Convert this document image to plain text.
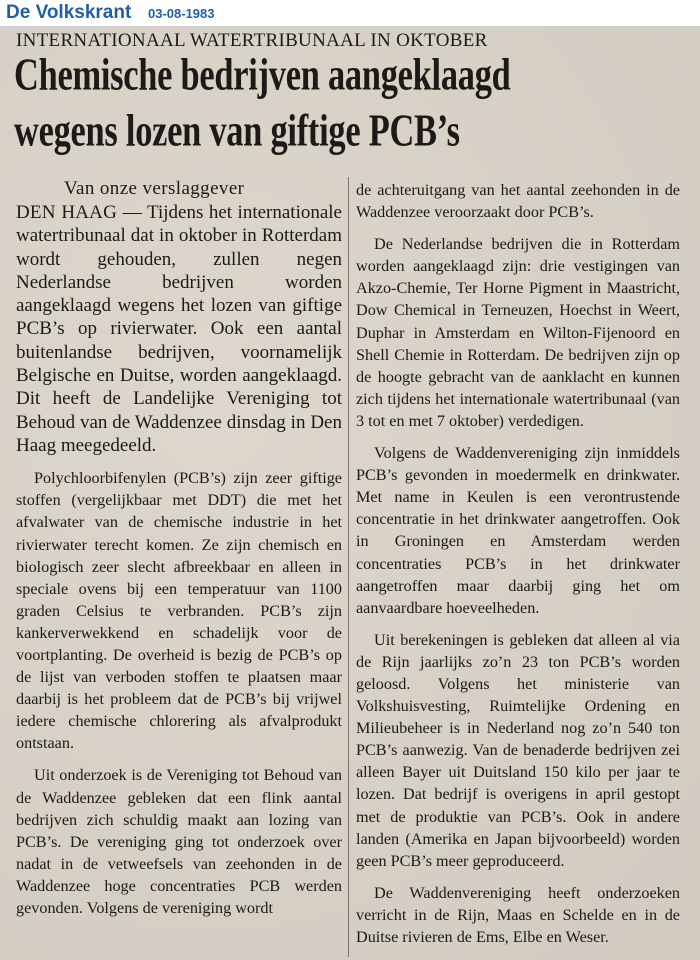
De Volkskrant 03-08-1983
INTERNATIONAAL WATERTRIBUNAAL IN OKTOBER
Chemische bedrijven aangeklaagd
wegens lozen van giftige PCB’s
Van onze verslaggever

DEN HAAG — Tijdens het internationale watertribunaal dat in oktober in Rotterdam wordt gehouden, zullen negen Nederlandse bedrijven worden aangeklaagd wegens het lozen van giftige PCB’s op rivierwater. Ook een aantal buitenlandse bedrijven, voornamelijk Belgische en Duitse, worden aangeklaagd. Dit heeft de Landelijke Vereniging tot Behoud van de Waddenzee dinsdag in Den Haag meegedeeld.

Polychloorbifenylen (PCB’s) zijn zeer giftige stoffen (vergelijkbaar met DDT) die met het afvalwater van de chemische industrie in het rivierwater terecht komen. Ze zijn chemisch en biologisch zeer slecht afbreekbaar en alleen in speciale ovens bij een temperatuur van 1100 graden Celsius te verbranden. PCB’s zijn kankerverwekkend en schadelijk voor de voortplanting. De overheid is bezig de PCB’s op de lijst van verboden stoffen te plaatsen maar daarbij is het probleem dat de PCB’s bij vrijwel iedere chemische chlorering als afvalprodukt ontstaan.

Uit onderzoek is de Vereniging tot Behoud van de Waddenzee gebleken dat een flink aantal bedrijven zich schuldig maakt aan lozing van PCB’s. De vereniging ging tot onderzoek over nadat in de vetweefsels van zeehonden in de Waddenzee hoge concentraties PCB werden gevonden. Volgens de vereniging wordt

de achteruitgang van het aantal zeehonden in de Waddenzee veroorzaakt door PCB’s.

De Nederlandse bedrijven die in Rotterdam worden aangeklaagd zijn: drie vestigingen van Akzo-Chemie, Ter Horne Pigment in Maastricht, Dow Chemical in Terneuzen, Hoechst in Weert, Duphar in Amsterdam en Wilton-Fijenoord en Shell Chemie in Rotterdam. De bedrijven zijn op de hoogte gebracht van de aanklacht en kunnen zich tijdens het internationale watertribunaal (van 3 tot en met 7 oktober) verdedigen.

Volgens de Waddenvereniging zijn inmiddels PCB’s gevonden in moedermelk en drinkwater. Met name in Keulen is een verontrustende concentratie in het drinkwater aangetroffen. Ook in Groningen en Amsterdam werden concentraties PCB’s in het drinkwater aangetroffen maar daarbij ging het om aanvaardbare hoeveelheden.

Uit berekeningen is gebleken dat alleen al via de Rijn jaarlijks zo’n 23 ton PCB’s worden geloosd. Volgens het ministerie van Volkshuisvesting, Ruimtelijke Ordening en Milieubeheer is in Nederland nog zo’n 540 ton PCB’s aanwezig. Van de benaderde bedrijven zei alleen Bayer uit Duitsland 150 kilo per jaar te lozen. Dat bedrijf is overigens in april gestopt met de produktie van PCB’s. Ook in andere landen (Amerika en Japan bijvoorbeeld) worden geen PCB’s meer geproduceerd.

De Waddenvereniging heeft onderzoeken verricht in de Rijn, Maas en Schelde en in de Duitse rivieren de Ems, Elbe en Weser.
